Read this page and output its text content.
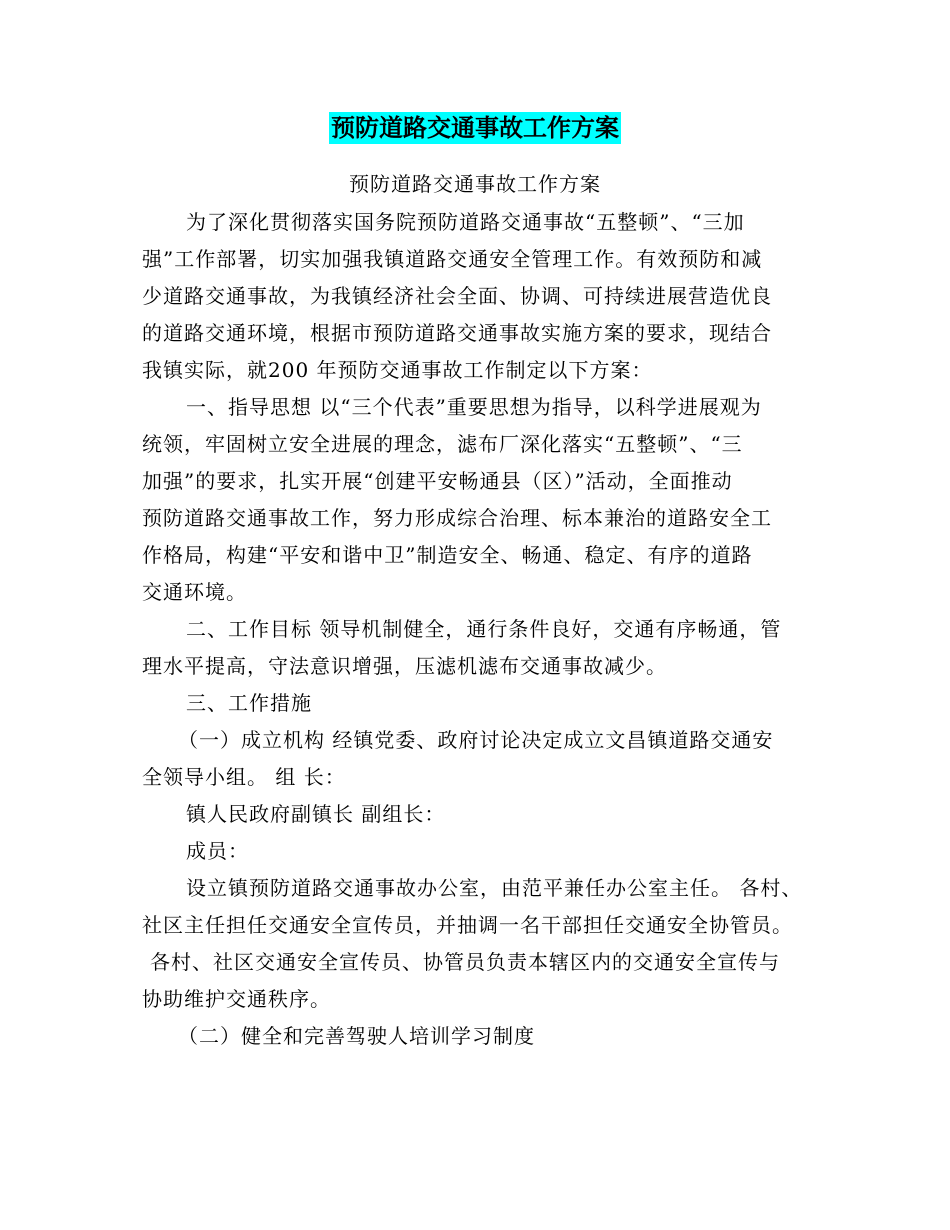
预防道路交通事故工作方案
预防道路交通事故工作方案
为了深化贯彻落实国务院预防道路交通事故“五整顿”、“三加
强”工作部署，切实加强我镇道路交通安全管理工作。有效预防和减
少道路交通事故，为我镇经济社会全面、协调、可持续进展营造优良
的道路交通环境，根据市预防道路交通事故实施方案的要求，现结合
我镇实际，就200 年预防交通事故工作制定以下方案：
一、指导思想 以“三个代表”重要思想为指导，以科学进展观为
统领，牢固树立安全进展的理念，滤布厂深化落实“五整顿”、“三
加强”的要求，扎实开展“创建平安畅通县（区）”活动，全面推动
预防道路交通事故工作，努力形成综合治理、标本兼治的道路安全工
作格局，构建“平安和谐中卫”制造安全、畅通、稳定、有序的道路
交通环境。
二、工作目标 领导机制健全，通行条件良好，交通有序畅通，管
理水平提高，守法意识增强，压滤机滤布交通事故减少。
三、工作措施
（一）成立机构 经镇党委、政府讨论决定成立文昌镇道路交通安
全领导小组。 组 长：
镇人民政府副镇长 副组长：
成员：
设立镇预防道路交通事故办公室，由范平兼任办公室主任。 各村、
社区主任担任交通安全宣传员，并抽调一名干部担任交通安全协管员。
各村、社区交通安全宣传员、协管员负责本辖区内的交通安全宣传与
协助维护交通秩序。
（二）健全和完善驾驶人培训学习制度
